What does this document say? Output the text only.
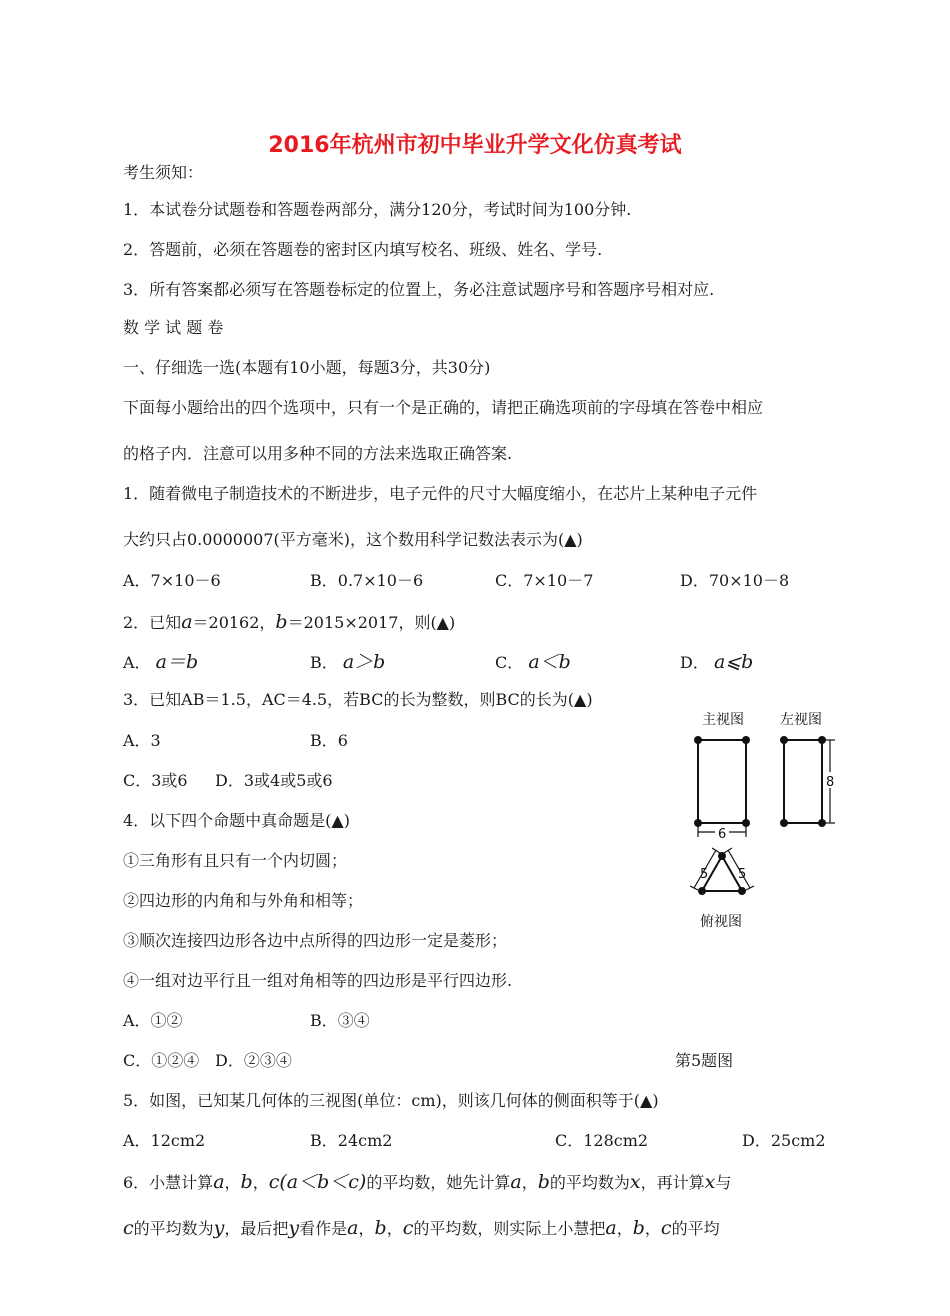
2016年杭州市初中毕业升学文化仿真考试
考生须知：
1．本试卷分试题卷和答题卷两部分，满分120分，考试时间为100分钟.
2．答题前，必须在答题卷的密封区内填写校名、班级、姓名、学号.
3．所有答案都必须写在答题卷标定的位置上，务必注意试题序号和答题序号相对应.
数 学 试 题 卷
一、仔细选一选(本题有10小题，每题3分，共30分)
下面每小题给出的四个选项中，只有一个是正确的，请把正确选项前的字母填在答卷中相应
的格子内．注意可以用多种不同的方法来选取正确答案.
1．随着微电子制造技术的不断进步，电子元件的尺寸大幅度缩小，在芯片上某种电子元件
大约只占0.0000007(平方毫米)，这个数用科学记数法表示为(▲)
A．7×10－6	B．0.7×10－6	C．7×10－7	D．70×10－8
2．已知a＝20162，b＝2015×2017，则(▲)
A． a＝b	B． a＞b	C． a＜b	D． a⩽b
3．已知AB＝1.5，AC＝4.5，若BC的长为整数，则BC的长为(▲)
A．3	B．6
C．3或6 D．3或4或5或6
4．以下四个命题中真命题是(▲)
①三角形有且只有一个内切圆；
②四边形的内角和与外角和相等；
③顺次连接四边形各边中点所得的四边形一定是菱形；
④一组对边平行且一组对角相等的四边形是平行四边形.
A．①②	B．③④
C．①②④ D．②③④	第5题图
5．如图，已知某几何体的三视图(单位：cm)，则该几何体的侧面积等于(▲)
A．12cm2	B．24cm2	C．128cm2	D．25cm2
6．小慧计算a，b，c(a＜b＜c)的平均数，她先计算a，b的平均数为x，再计算x与
c的平均数为y，最后把y看作是a，b，c的平均数，则实际上小慧把a，b，c的平均
主视图	左视图
6
8
5 5
俯视图
